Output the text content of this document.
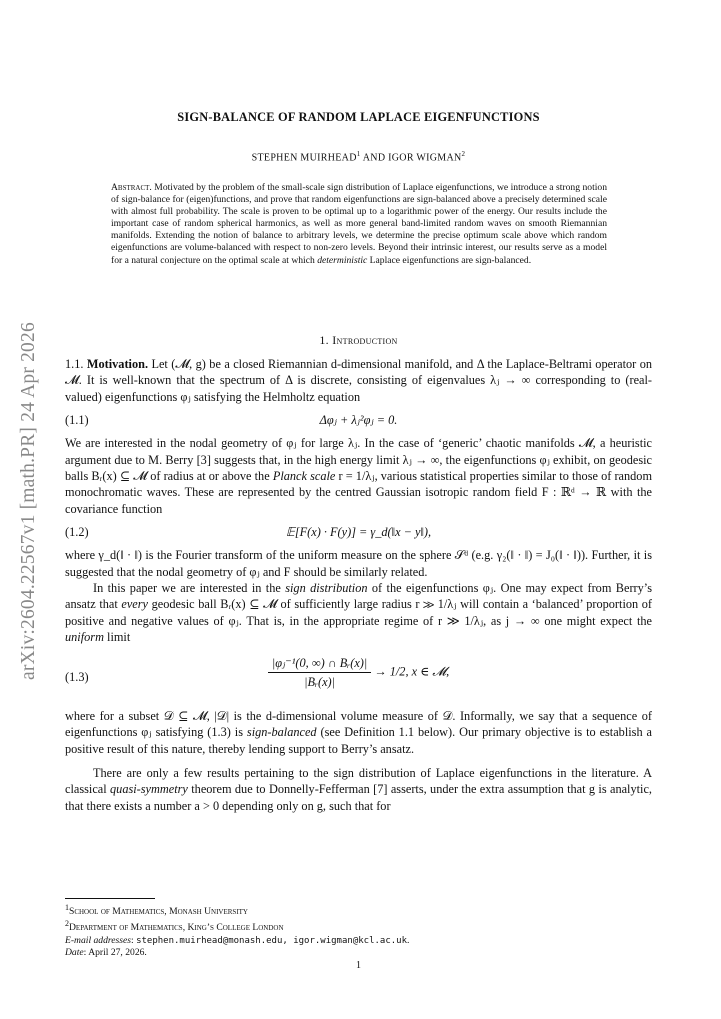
arXiv:2604.22567v1 [math.PR] 24 Apr 2026
SIGN-BALANCE OF RANDOM LAPLACE EIGENFUNCTIONS
STEPHEN MUIRHEAD$^1$ AND IGOR WIGMAN$^2$
Abstract. Motivated by the problem of the small-scale sign distribution of Laplace eigenfunctions, we introduce a strong notion of sign-balance for (eigen)functions, and prove that random eigenfunctions are sign-balanced above a precisely determined scale with almost full probability. The scale is proven to be optimal up to a logarithmic power of the energy. Our results include the important case of random spherical harmonics, as well as more general band-limited random waves on smooth Riemannian manifolds. Extending the notion of balance to arbitrary levels, we determine the precise optimum scale above which random eigenfunctions are volume-balanced with respect to non-zero levels. Beyond their intrinsic interest, our results serve as a model for a natural conjecture on the optimal scale at which deterministic Laplace eigenfunctions are sign-balanced.
1. Introduction

1.1. Motivation. Let (𝓜, g) be a closed Riemannian d-dimensional manifold, and Δ the Laplace-Beltrami operator on 𝓜. It is well-known that the spectrum of Δ is discrete, consisting of eigenvalues λⱼ → ∞ corresponding to (real-valued) eigenfunctions φⱼ satisfying the Helmholtz equation

(1.1)	Δφⱼ + λⱼ²φⱼ = 0.

We are interested in the nodal geometry of φⱼ for large λⱼ. In the case of ‘generic’ chaotic manifolds 𝓜, a heuristic argument due to M. Berry [3] suggests that, in the high energy limit λⱼ → ∞, the eigenfunctions φⱼ exhibit, on geodesic balls Bᵣ(x) ⊆ 𝓜 of radius at or above the Planck scale r = 1/λⱼ, various statistical properties similar to those of random monochromatic waves. These are represented by the centred Gaussian isotropic random field F : ℝᵈ → ℝ with the covariance function

(1.2)	𝔼[F(x) · F(y)] = γ_d(‖x − y‖),

where γ_d(‖ · ‖) is the Fourier transform of the uniform measure on the sphere 𝒮ᵈ (e.g. γ₂(‖ · ‖) = J₀(‖ · ‖)). Further, it is suggested that the nodal geometry of φⱼ and F should be similarly related.

In this paper we are interested in the sign distribution of the eigenfunctions φⱼ. One may expect from Berry’s ansatz that every geodesic ball Bᵣ(x) ⊆ 𝓜 of sufficiently large radius r ≫ 1/λⱼ will contain a ‘balanced’ proportion of positive and negative values of φⱼ. That is, in the appropriate regime of r ≫ 1/λⱼ, as j → ∞ one might expect the uniform limit

(1.3)	$\frac{\text{|φⱼ⁻¹(0, ∞) ∩ Bᵣ(x)|}}{\text{|Bᵣ(x)|}} \to 1/2$, x ∈ 𝓜,

where for a subset 𝒟 ⊆ 𝓜, |𝒟| is the d-dimensional volume measure of 𝒟. Informally, we say that a sequence of eigenfunctions φⱼ satisfying (1.3) is sign-balanced (see Definition 1.1 below). Our primary objective is to establish a positive result of this nature, thereby lending support to Berry’s ansatz.

There are only a few results pertaining to the sign distribution of Laplace eigenfunctions in the literature. A classical quasi-symmetry theorem due to Donnelly-Fefferman [7] asserts, under the extra assumption that g is analytic, that there exists a number a > 0 depending only on g, such that for

$^1$School of Mathematics, Monash University
$^2$Department of Mathematics, King’s College London
E-mail addresses: stephen.muirhead@monash.edu, igor.wigman@kcl.ac.uk.
Date: April 27, 2026.
1
